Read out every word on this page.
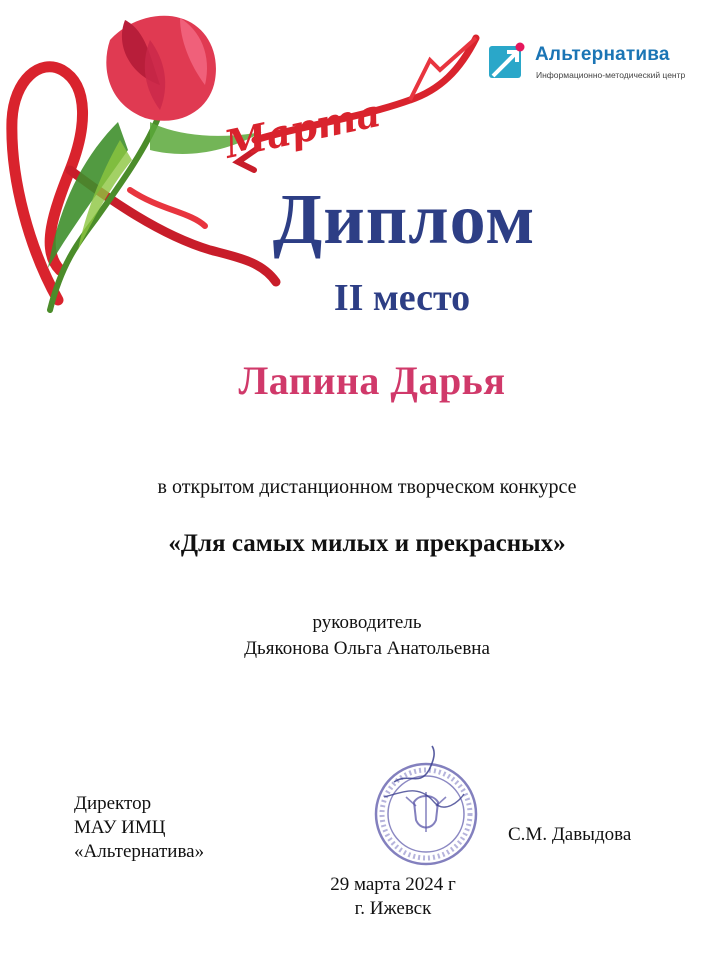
Марта
Альтернатива
Информационно-методический центр
Диплом
II место
Лапина Дарья
в открытом дистанционном творческом конкурсе
«Для самых милых и прекрасных»
руководитель
Дьяконова Ольга Анатольевна
Директор
МАУ ИМЦ
«Альтернатива»
С.М. Давыдова
29 марта 2024 г
г. Ижевск
